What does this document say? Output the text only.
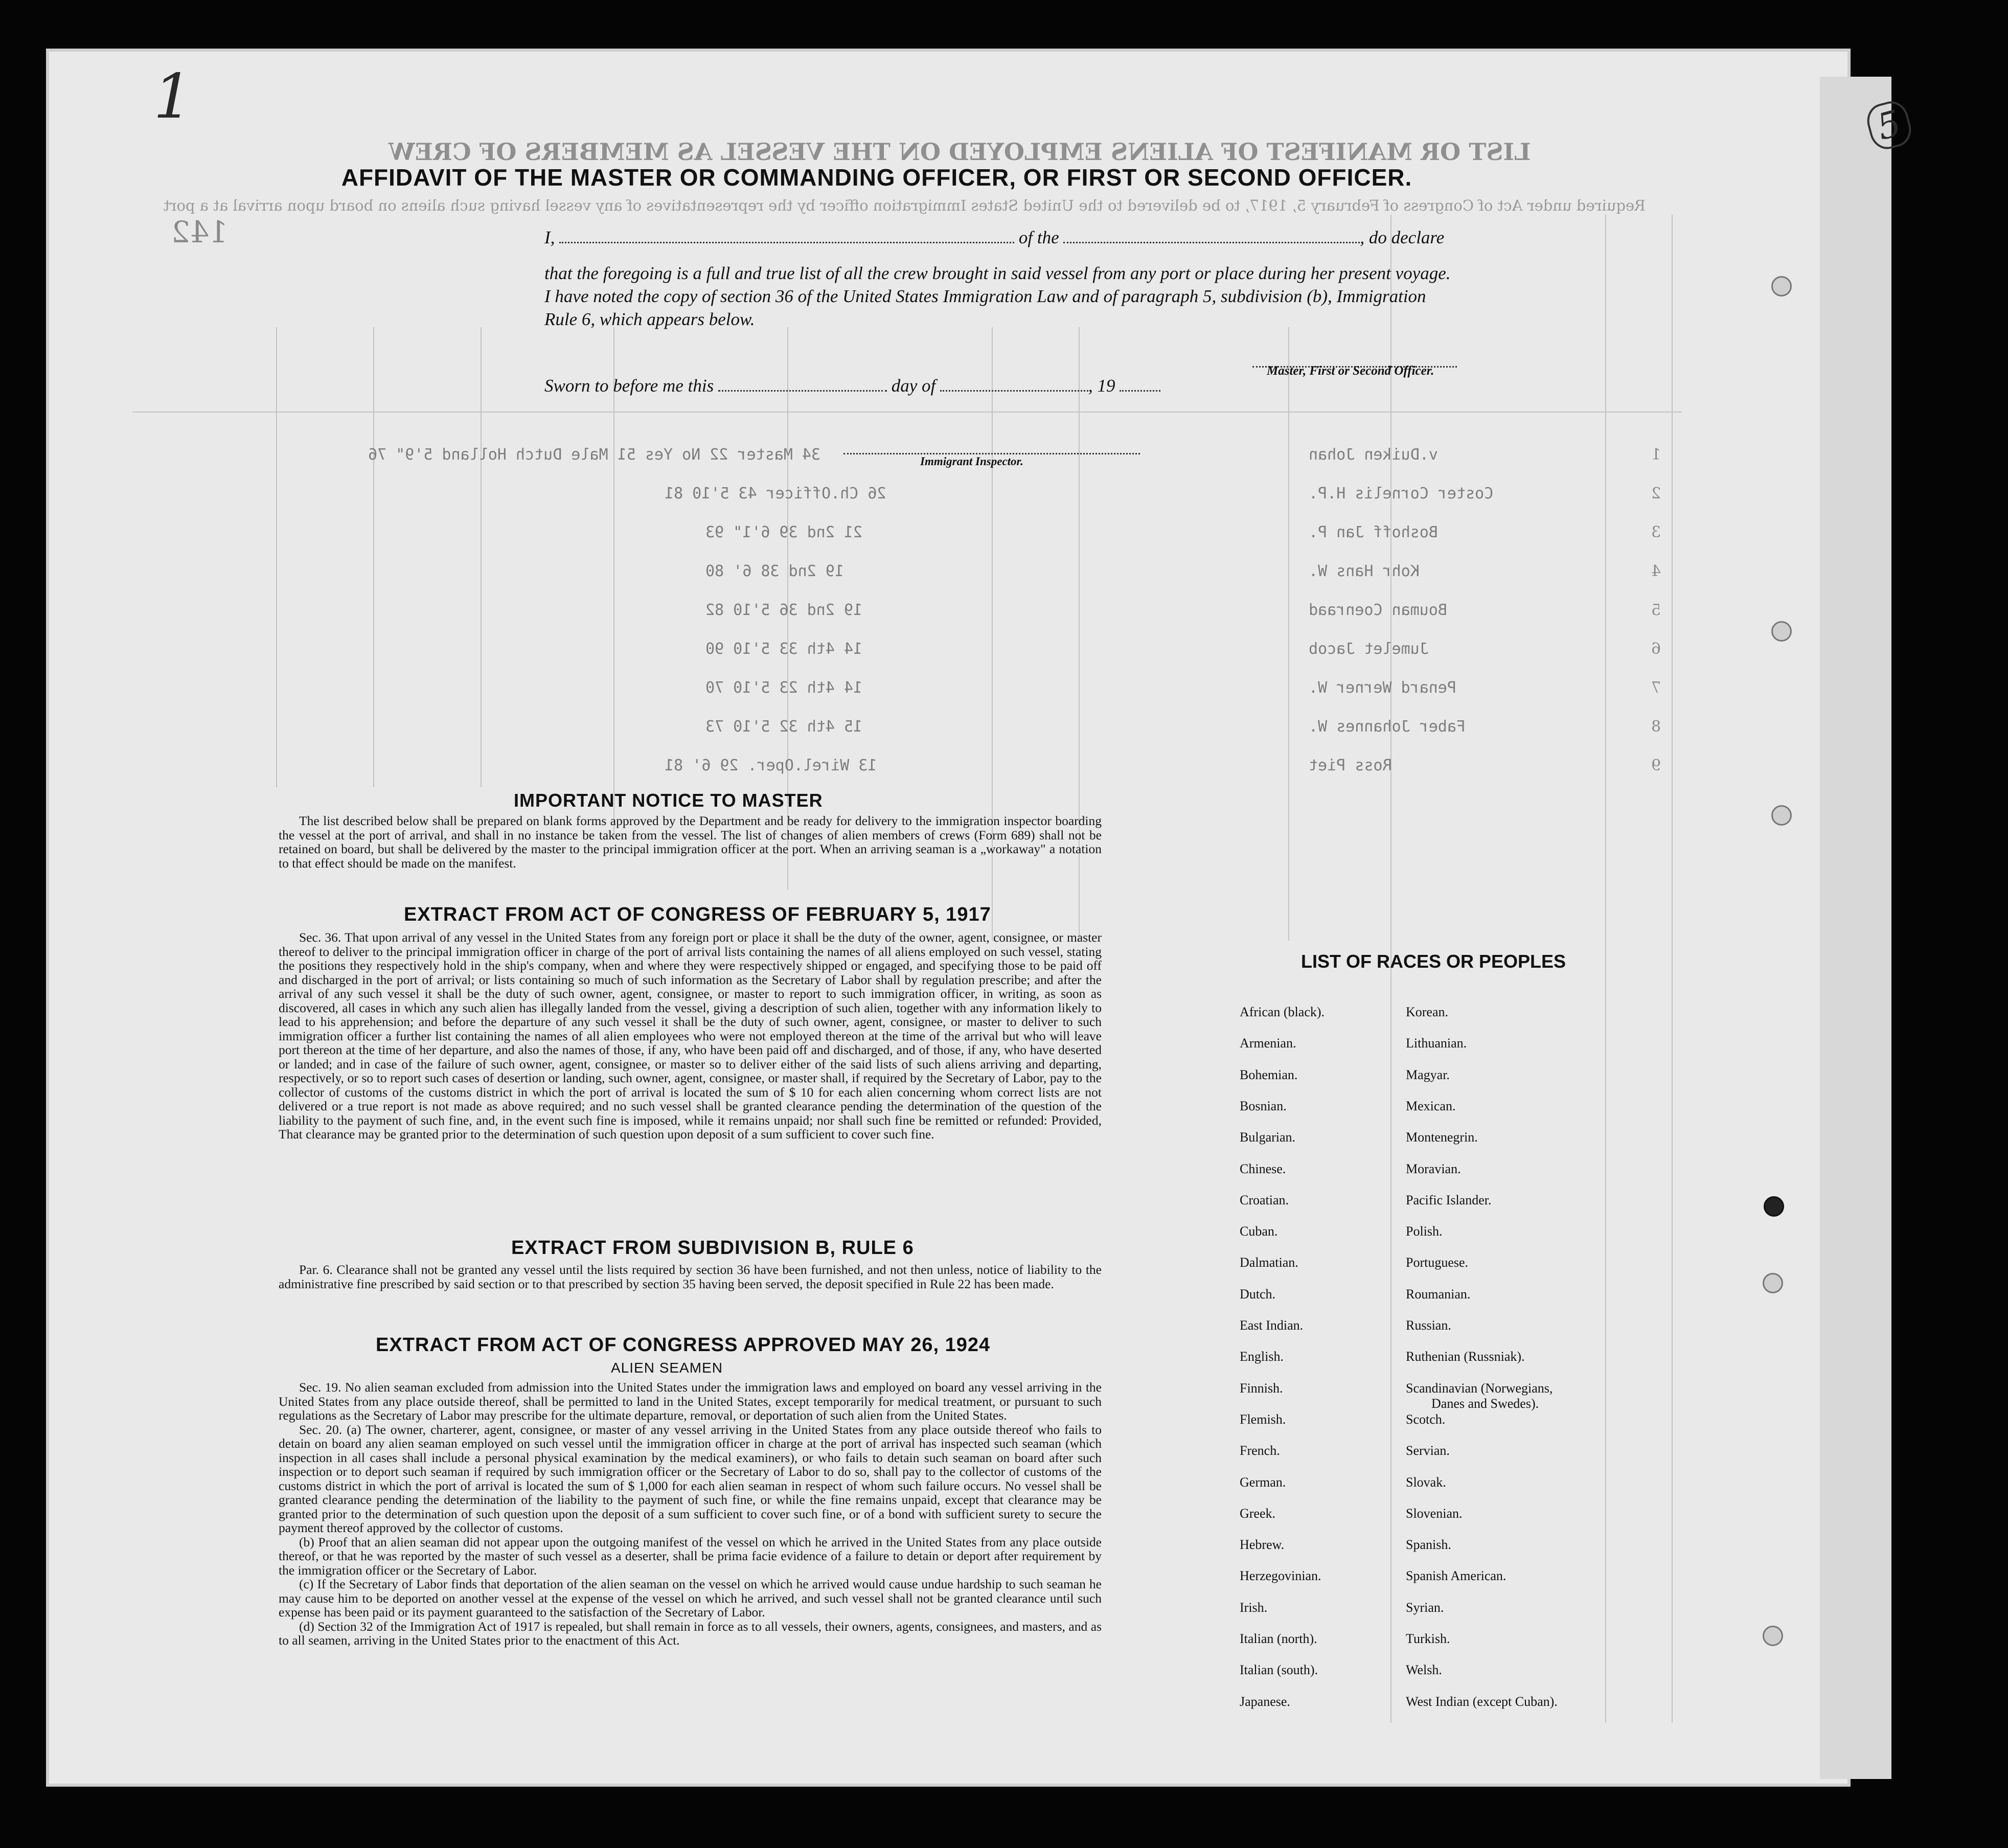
LIST OR MANIFEST OF ALIENS EMPLOYED ON THE VESSEL AS MEMBERS OF CREW
Required under Act of Congress of February 5, 1917, to be delivered to the United States Immigration officer by the representatives of any vessel having such aliens on board upon arrival at a port
1
v.Duiken Johan
34 Master 22 No Yes 51 Male Dutch Holland 5'9" 76
2
Coster Cornelis H.P.
26 Ch.Officer 43 5'10 81
3
Boshoff Jan P.
21 2nd 39 6'1" 93
4
Kohr Hans W.
19 2nd 38 6' 80
5
Bouman Coenraad
19 2nd 36 5'10 82
6
Jumelet Jacob
14 4th 33 5'10 90
7
Penard Werner W.
14 4th 23 5'10 70
8
Faber Johannes W.
15 4th 32 5'10 73
9
Ross Piet
13 Wirel.Oper. 29 6' 81
1	5
142
AFFIDAVIT OF THE MASTER OR COMMANDING OFFICER, OR FIRST OR SECOND OFFICER.
I,	of the	, do declare
that the foregoing is a full and true list of all the crew brought in said vessel from any port or place during her present voyage.
I have noted the copy of section 36 of the United States Immigration Law and of paragraph 5, subdivision (b), Immigration
Rule 6, which appears below.
Sworn to before me this	day of	, 19
Master, First or Second Officer.
Immigrant Inspector.
IMPORTANT NOTICE TO MASTER

The list described below shall be prepared on blank forms approved by the Department and be ready for delivery to the immigration inspector boarding the vessel at the port of arrival, and shall in no instance be taken from the vessel. The list of changes of alien members of crews (Form 689) shall not be retained on board, but shall be delivered by the master to the principal immigration officer at the port. When an arriving seaman is a „workaway" a notation to that effect should be made on the manifest.

EXTRACT FROM ACT OF CONGRESS OF FEBRUARY 5, 1917

Sec. 36. That upon arrival of any vessel in the United States from any foreign port or place it shall be the duty of the owner, agent, consignee, or master thereof to deliver to the principal immigration officer in charge of the port of arrival lists containing the names of all aliens employed on such vessel, stating the positions they respectively hold in the ship's company, when and where they were respectively shipped or engaged, and specifying those to be paid off and discharged in the port of arrival; or lists containing so much of such information as the Secretary of Labor shall by regulation prescribe; and after the arrival of any such vessel it shall be the duty of such owner, agent, consignee, or master to report to such immigration officer, in writing, as soon as discovered, all cases in which any such alien has illegally landed from the vessel, giving a description of such alien, together with any information likely to lead to his apprehension; and before the departure of any such vessel it shall be the duty of such owner, agent, consignee, or master to deliver to such immigration officer a further list containing the names of all alien employees who were not employed thereon at the time of the arrival but who will leave port thereon at the time of her departure, and also the names of those, if any, who have been paid off and discharged, and of those, if any, who have deserted or landed; and in case of the failure of such owner, agent, consignee, or master so to deliver either of the said lists of such aliens arriving and departing, respectively, or so to report such cases of desertion or landing, such owner, agent, consignee, or master shall, if required by the Secretary of Labor, pay to the collector of customs of the customs district in which the port of arrival is located the sum of $ 10 for each alien concerning whom correct lists are not delivered or a true report is not made as above required; and no such vessel shall be granted clearance pending the determination of the question of the liability to the payment of such fine, and, in the event such fine is imposed, while it remains unpaid; nor shall such fine be remitted or refunded: Provided, That clearance may be granted prior to the determination of such question upon deposit of a sum sufficient to cover such fine.

EXTRACT FROM SUBDIVISION B, RULE 6

Par. 6. Clearance shall not be granted any vessel until the lists required by section 36 have been furnished, and not then unless, notice of liability to the administrative fine prescribed by said section or to that prescribed by section 35 having been served, the deposit specified in Rule 22 has been made.

EXTRACT FROM ACT OF CONGRESS APPROVED MAY 26, 1924
ALIEN SEAMEN

Sec. 19. No alien seaman excluded from admission into the United States under the immigration laws and employed on board any vessel arriving in the United States from any place outside thereof, shall be permitted to land in the United States, except temporarily for medical treatment, or pursuant to such regulations as the Secretary of Labor may prescribe for the ultimate departure, removal, or deportation of such alien from the United States.

Sec. 20. (a) The owner, charterer, agent, consignee, or master of any vessel arriving in the United States from any place outside thereof who fails to detain on board any alien seaman employed on such vessel until the immigration officer in charge at the port of arrival has inspected such seaman (which inspection in all cases shall include a personal physical examination by the medical examiners), or who fails to detain such seaman on board after such inspection or to deport such seaman if required by such immigration officer or the Secretary of Labor to do so, shall pay to the collector of customs of the customs district in which the port of arrival is located the sum of $ 1,000 for each alien seaman in respect of whom such failure occurs. No vessel shall be granted clearance pending the determination of the liability to the payment of such fine, or while the fine remains unpaid, except that clearance may be granted prior to the determination of such question upon the deposit of a sum sufficient to cover such fine, or of a bond with sufficient surety to secure the payment thereof approved by the collector of customs.

(b) Proof that an alien seaman did not appear upon the outgoing manifest of the vessel on which he arrived in the United States from any place outside thereof, or that he was reported by the master of such vessel as a deserter, shall be prima facie evidence of a failure to detain or deport after requirement by the immigration officer or the Secretary of Labor.

(c) If the Secretary of Labor finds that deportation of the alien seaman on the vessel on which he arrived would cause undue hardship to such seaman he may cause him to be deported on another vessel at the expense of the vessel on which he arrived, and such vessel shall not be granted clearance until such expense has been paid or its payment guaranteed to the satisfaction of the Secretary of Labor.

(d) Section 32 of the Immigration Act of 1917 is repealed, but shall remain in force as to all vessels, their owners, agents, consignees, and masters, and as to all seamen, arriving in the United States prior to the enactment of this Act.

LIST OF RACES OR PEOPLES
African (black).
Armenian.
Bohemian.
Bosnian.
Bulgarian.
Chinese.
Croatian.
Cuban.
Dalmatian.
Dutch.
East Indian.
English.
Finnish.
Flemish.
French.
German.
Greek.
Hebrew.
Herzegovinian.
Irish.
Italian (north).
Italian (south).
Japanese.
Korean.
Lithuanian.
Magyar.
Mexican.
Montenegrin.
Moravian.
Pacific Islander.
Polish.
Portuguese.
Roumanian.
Russian.
Ruthenian (Russniak).
Scandinavian (Norwegians,
Scotch.
Servian.
Slovak.
Slovenian.
Spanish.
Spanish American.
Syrian.
Turkish.
Welsh.
West Indian (except Cuban).
Danes and Swedes).
